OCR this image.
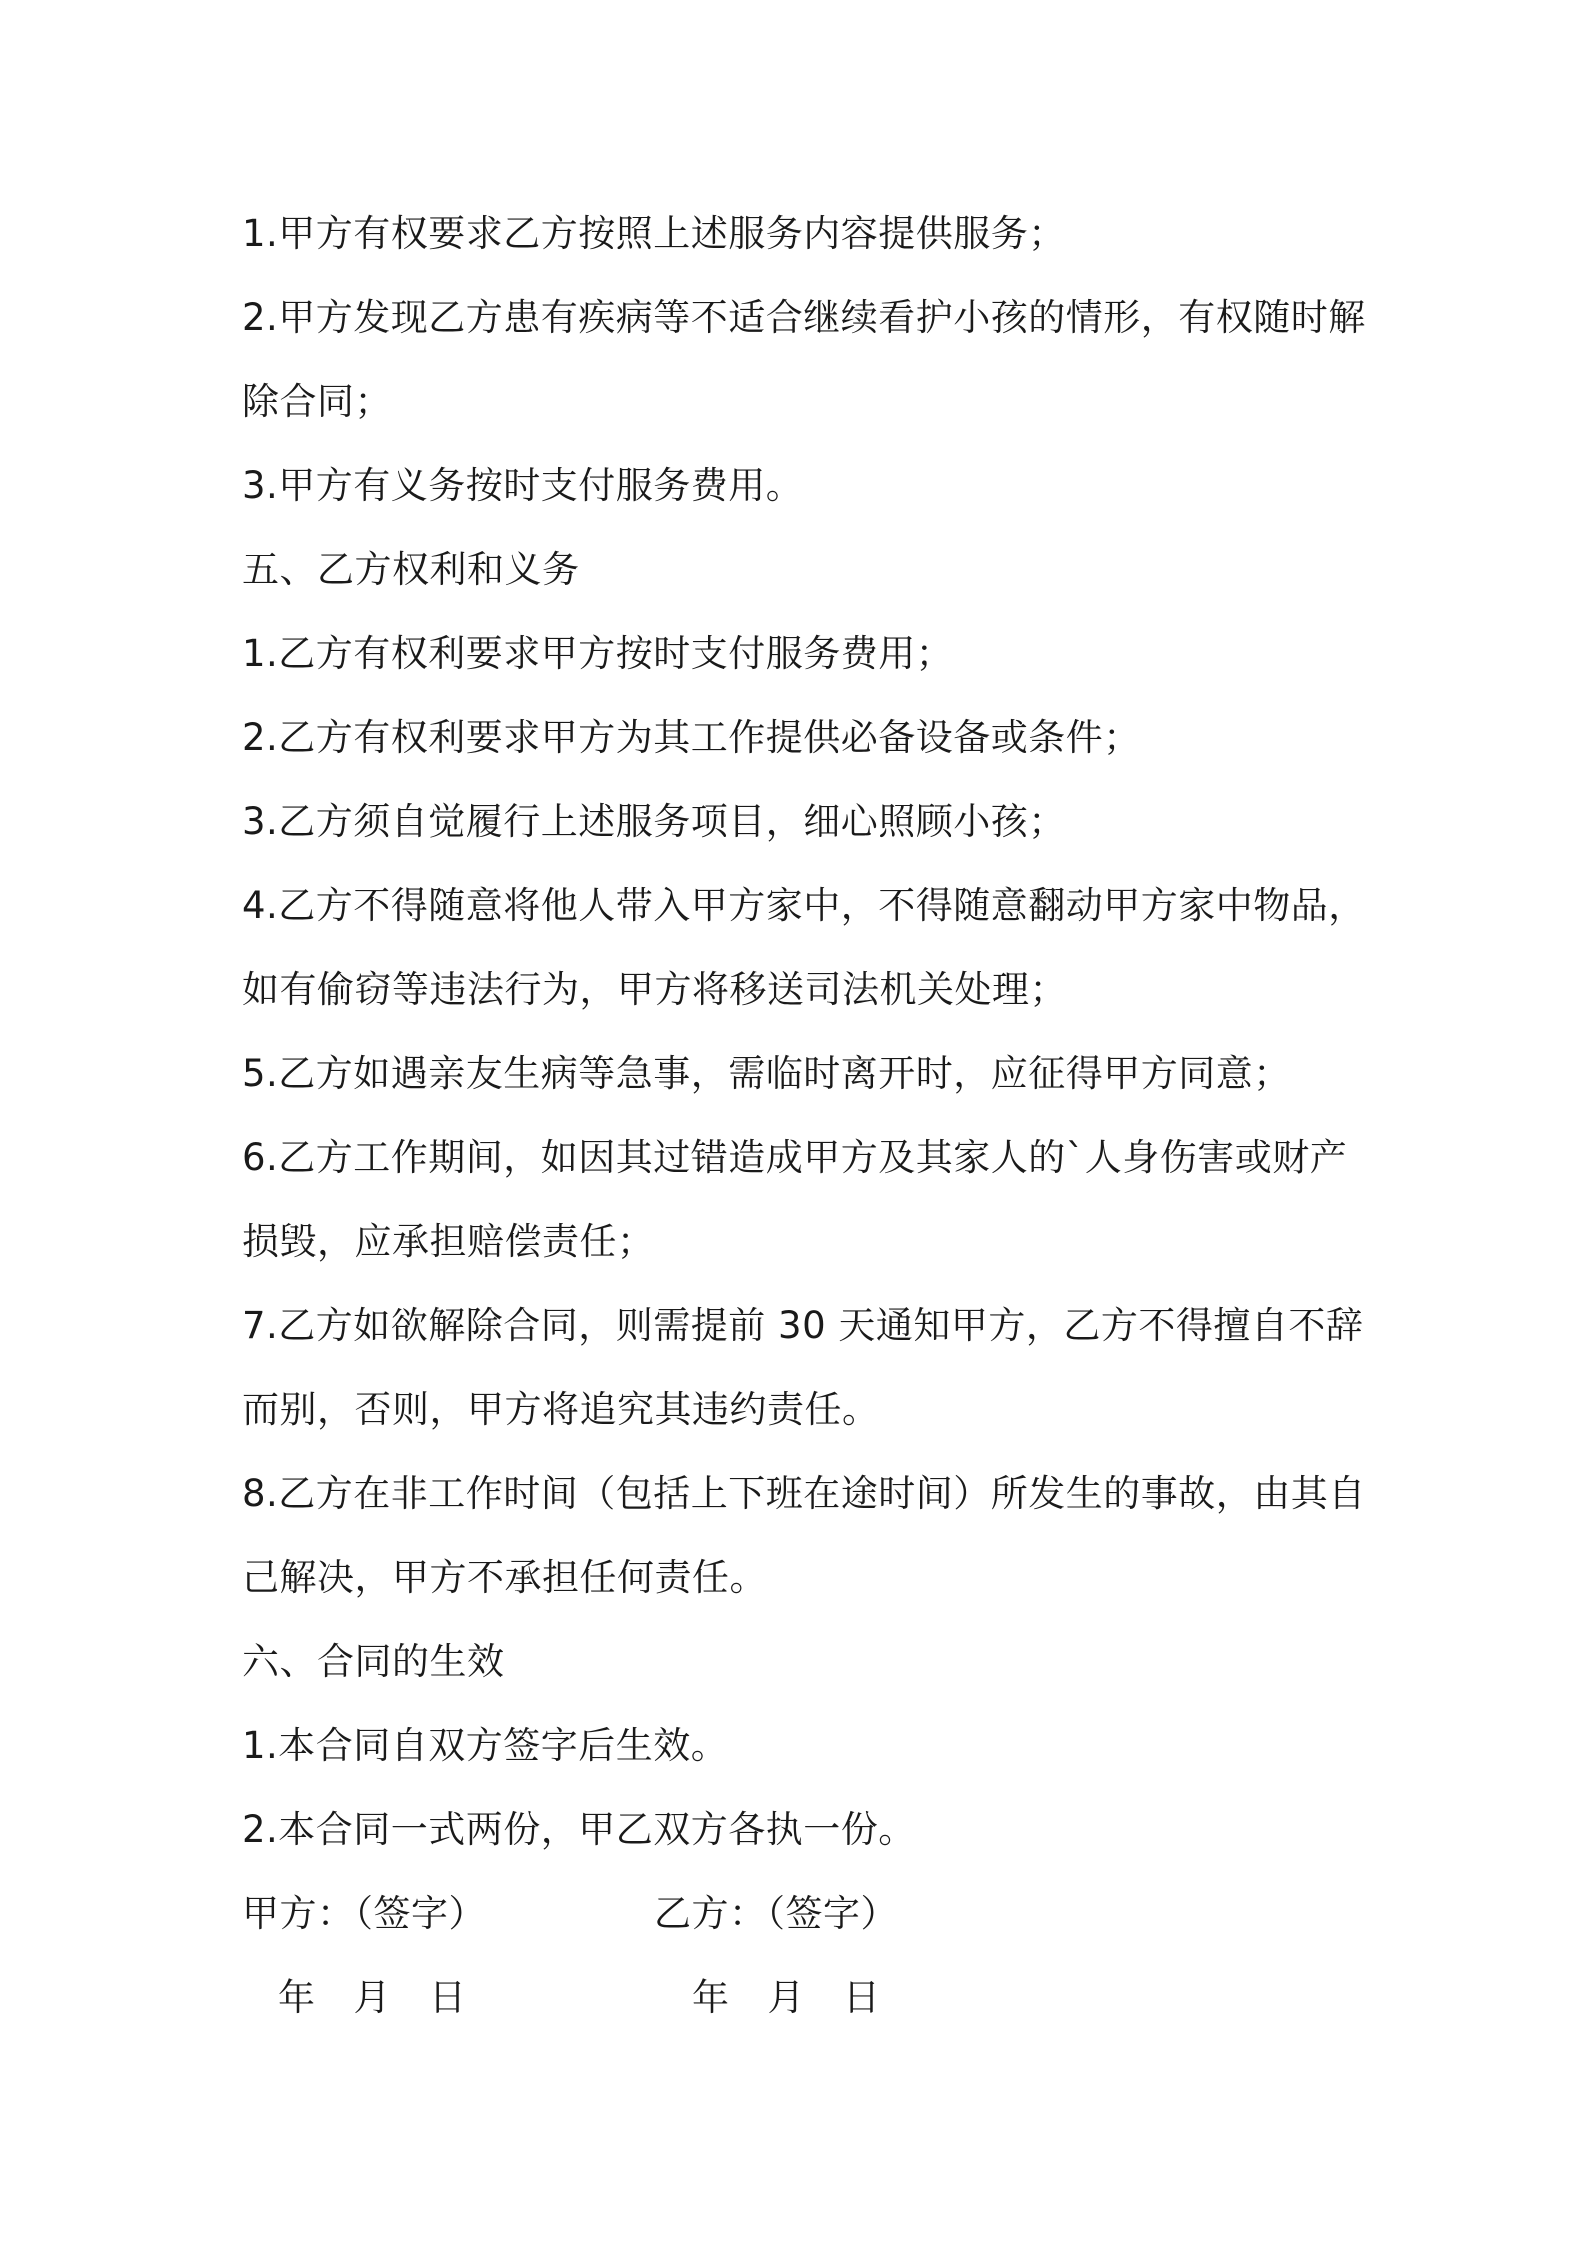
1.甲方有权要求乙方按照上述服务内容提供服务；
2.甲方发现乙方患有疾病等不适合继续看护小孩的情形，有权随时解
除合同；
3.甲方有义务按时支付服务费用。
五、乙方权利和义务
1.乙方有权利要求甲方按时支付服务费用；
2.乙方有权利要求甲方为其工作提供必备设备或条件；
3.乙方须自觉履行上述服务项目，细心照顾小孩；
4.乙方不得随意将他人带入甲方家中，不得随意翻动甲方家中物品，
如有偷窃等违法行为，甲方将移送司法机关处理；
5.乙方如遇亲友生病等急事，需临时离开时，应征得甲方同意；
6.乙方工作期间，如因其过错造成甲方及其家人的`人身伤害或财产
损毁，应承担赔偿责任；
7.乙方如欲解除合同，则需提前 30 天通知甲方，乙方不得擅自不辞
而别，否则，甲方将追究其违约责任。
8.乙方在非工作时间（包括上下班在途时间）所发生的事故，由其自
己解决，甲方不承担任何责任。
六、合同的生效
1.本合同自双方签字后生效。
2.本合同一式两份，甲乙双方各执一份。
甲方：（签字）	乙方：（签字）
年 月 日	年 月 日
